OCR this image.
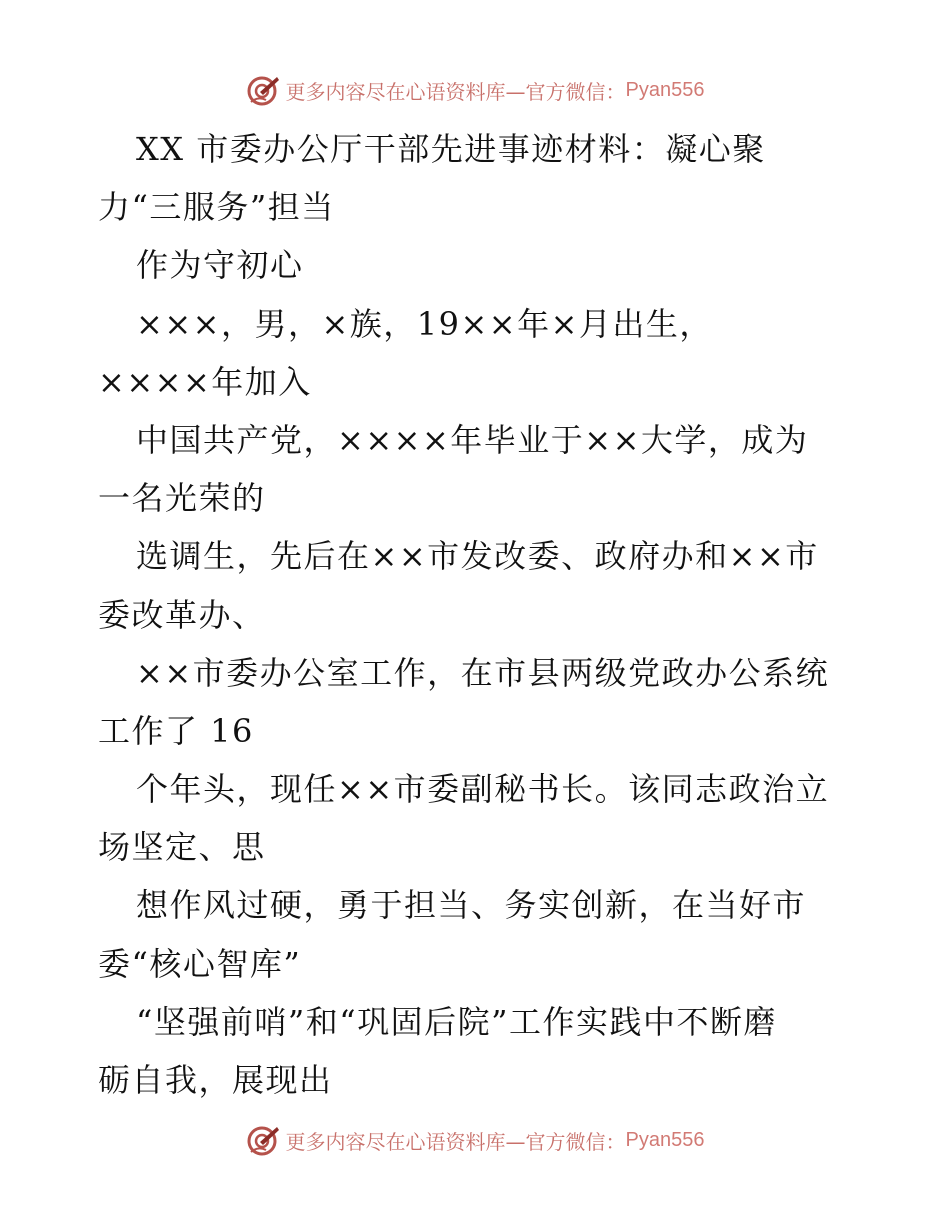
更多内容尽在心语资料库—官方微信： Pyan556
XX 市委办公厅干部先进事迹材料：凝心聚
力“三服务”担当
作为守初心
×××，男，×族，19××年×月出生，
××××年加入
中国共产党，××××年毕业于××大学，成为
一名光荣的
选调生，先后在××市发改委、政府办和××市
委改革办、
××市委办公室工作，在市县两级党政办公系统
工作了 16
个年头，现任××市委副秘书长。该同志政治立
场坚定、思
想作风过硬，勇于担当、务实创新，在当好市
委“核心智库”
“坚强前哨”和“巩固后院”工作实践中不断磨
砺自我，展现出
更多内容尽在心语资料库—官方微信： Pyan556
